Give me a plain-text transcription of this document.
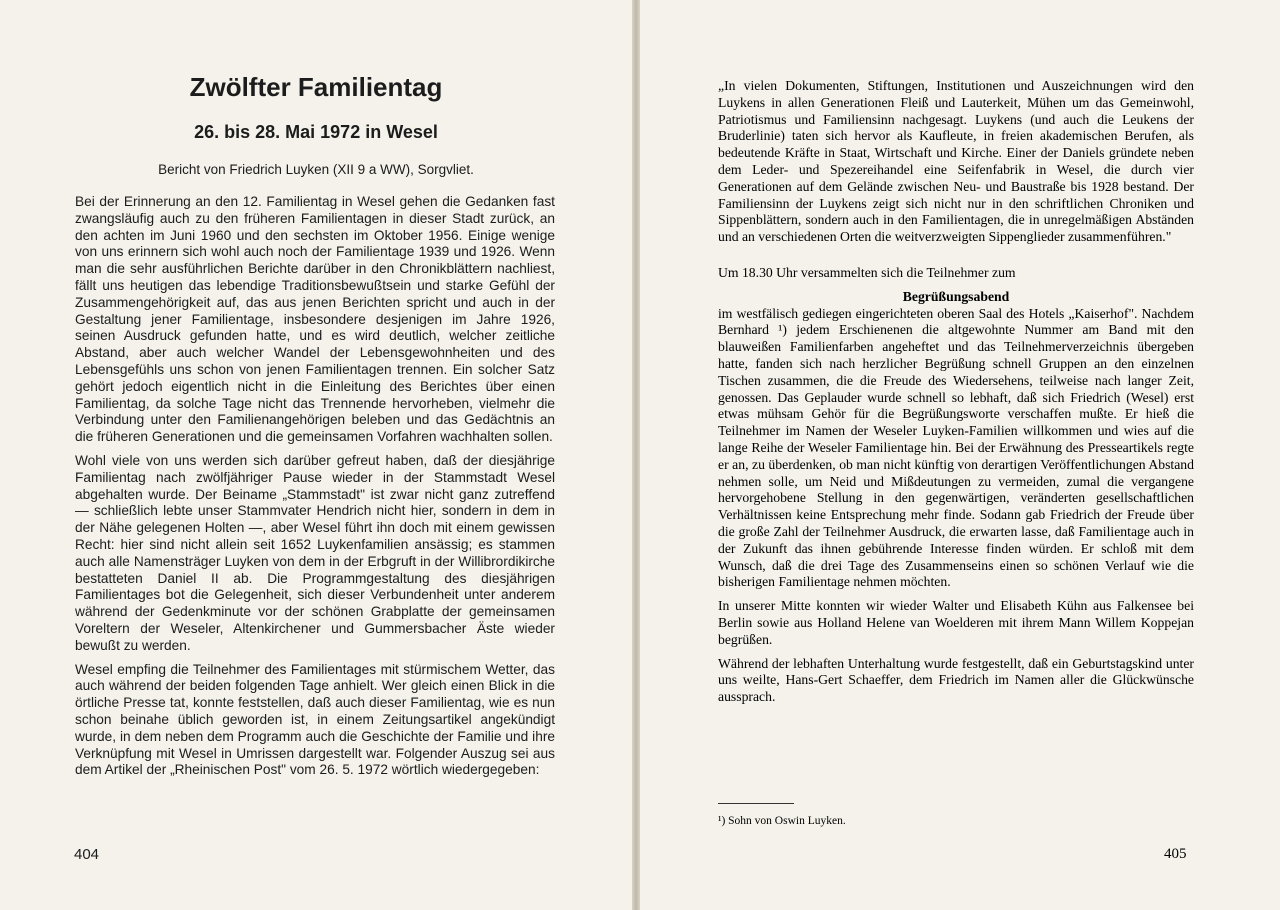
Zwölfter Familientag
26. bis 28. Mai 1972 in Wesel

Bericht von Friedrich Luyken (XII 9 a WW), Sorgvliet.

Bei der Erinnerung an den 12. Familientag in Wesel gehen die Gedanken fast zwangsläufig auch zu den früheren Familientagen in dieser Stadt zurück, an den achten im Juni 1960 und den sechsten im Oktober 1956. Einige wenige von uns erinnern sich wohl auch noch der Familientage 1939 und 1926. Wenn man die sehr ausführlichen Berichte darüber in den Chronikblättern nachliest, fällt uns heutigen das lebendige Traditionsbewußtsein und starke Gefühl der Zusammengehörigkeit auf, das aus jenen Berichten spricht und auch in der Gestaltung jener Familientage, insbesondere desjenigen im Jahre 1926, seinen Ausdruck gefunden hatte, und es wird deutlich, welcher zeitliche Abstand, aber auch welcher Wandel der Lebensgewohnheiten und des Lebensgefühls uns schon von jenen Familientagen trennen. Ein solcher Satz gehört jedoch eigentlich nicht in die Einleitung des Berichtes über einen Familientag, da solche Tage nicht das Trennende hervorheben, vielmehr die Verbindung unter den Familienangehörigen beleben und das Gedächtnis an die früheren Generationen und die gemeinsamen Vorfahren wachhalten sollen.

Wohl viele von uns werden sich darüber gefreut haben, daß der diesjährige Familientag nach zwölfjähriger Pause wieder in der Stammstadt Wesel abgehalten wurde. Der Beiname „Stammstadt" ist zwar nicht ganz zutreffend — schließlich lebte unser Stammvater Hendrich nicht hier, sondern in dem in der Nähe gelegenen Holten —, aber Wesel führt ihn doch mit einem gewissen Recht: hier sind nicht allein seit 1652 Luykenfamilien ansässig; es stammen auch alle Namensträger Luyken von dem in der Erbgruft in der Willibrordikirche bestatteten Daniel II ab. Die Programmgestaltung des diesjährigen Familientages bot die Gelegenheit, sich dieser Verbundenheit unter anderem während der Gedenkminute vor der schönen Grabplatte der gemeinsamen Voreltern der Weseler, Altenkirchener und Gummersbacher Äste wieder bewußt zu werden.

Wesel empfing die Teilnehmer des Familientages mit stürmischem Wetter, das auch während der beiden folgenden Tage anhielt. Wer gleich einen Blick in die örtliche Presse tat, konnte feststellen, daß auch dieser Familientag, wie es nun schon beinahe üblich geworden ist, in einem Zeitungsartikel angekündigt wurde, in dem neben dem Programm auch die Geschichte der Familie und ihre Verknüpfung mit Wesel in Umrissen dargestellt war. Folgender Auszug sei aus dem Artikel der „Rheinischen Post" vom 26. 5. 1972 wörtlich wiedergegeben:

404

„In vielen Dokumenten, Stiftungen, Institutionen und Auszeichnungen wird den Luykens in allen Generationen Fleiß und Lauterkeit, Mühen um das Gemeinwohl, Patriotismus und Familiensinn nachgesagt. Luykens (und auch die Leukens der Bruderlinie) taten sich hervor als Kaufleute, in freien akademischen Berufen, als bedeutende Kräfte in Staat, Wirtschaft und Kirche. Einer der Daniels gründete neben dem Leder- und Spezereihandel eine Seifenfabrik in Wesel, die durch vier Generationen auf dem Gelände zwischen Neu- und Baustraße bis 1928 bestand. Der Familiensinn der Luykens zeigt sich nicht nur in den schriftlichen Chroniken und Sippenblättern, sondern auch in den Familientagen, die in unregelmäßigen Abständen und an verschiedenen Orten die weitverzweigten Sippenglieder zusammenführen."

Um 18.30 Uhr versammelten sich die Teilnehmer zum

Begrüßungsabend

im westfälisch gediegen eingerichteten oberen Saal des Hotels „Kaiserhof". Nachdem Bernhard ¹) jedem Erschienenen die altgewohnte Nummer am Band mit den blauweißen Familienfarben angeheftet und das Teilnehmerverzeichnis übergeben hatte, fanden sich nach herzlicher Begrüßung schnell Gruppen an den einzelnen Tischen zusammen, die die Freude des Wiedersehens, teilweise nach langer Zeit, genossen. Das Geplauder wurde schnell so lebhaft, daß sich Friedrich (Wesel) erst etwas mühsam Gehör für die Begrüßungsworte verschaffen mußte. Er hieß die Teilnehmer im Namen der Weseler Luyken-Familien willkommen und wies auf die lange Reihe der Weseler Familientage hin. Bei der Erwähnung des Presseartikels regte er an, zu überdenken, ob man nicht künftig von derartigen Veröffentlichungen Abstand nehmen solle, um Neid und Mißdeutungen zu vermeiden, zumal die vergangene hervorgehobene Stellung in den gegenwärtigen, veränderten gesellschaftlichen Verhältnissen keine Entsprechung mehr finde. Sodann gab Friedrich der Freude über die große Zahl der Teilnehmer Ausdruck, die erwarten lasse, daß Familientage auch in der Zukunft das ihnen gebührende Interesse finden würden. Er schloß mit dem Wunsch, daß die drei Tage des Zusammenseins einen so schönen Verlauf wie die bisherigen Familientage nehmen möchten.

In unserer Mitte konnten wir wieder Walter und Elisabeth Kühn aus Falkensee bei Berlin sowie aus Holland Helene van Woelderen mit ihrem Mann Willem Koppejan begrüßen.

Während der lebhaften Unterhaltung wurde festgestellt, daß ein Geburtstagskind unter uns weilte, Hans-Gert Schaeffer, dem Friedrich im Namen aller die Glückwünsche aussprach.

¹) Sohn von Oswin Luyken.
405
